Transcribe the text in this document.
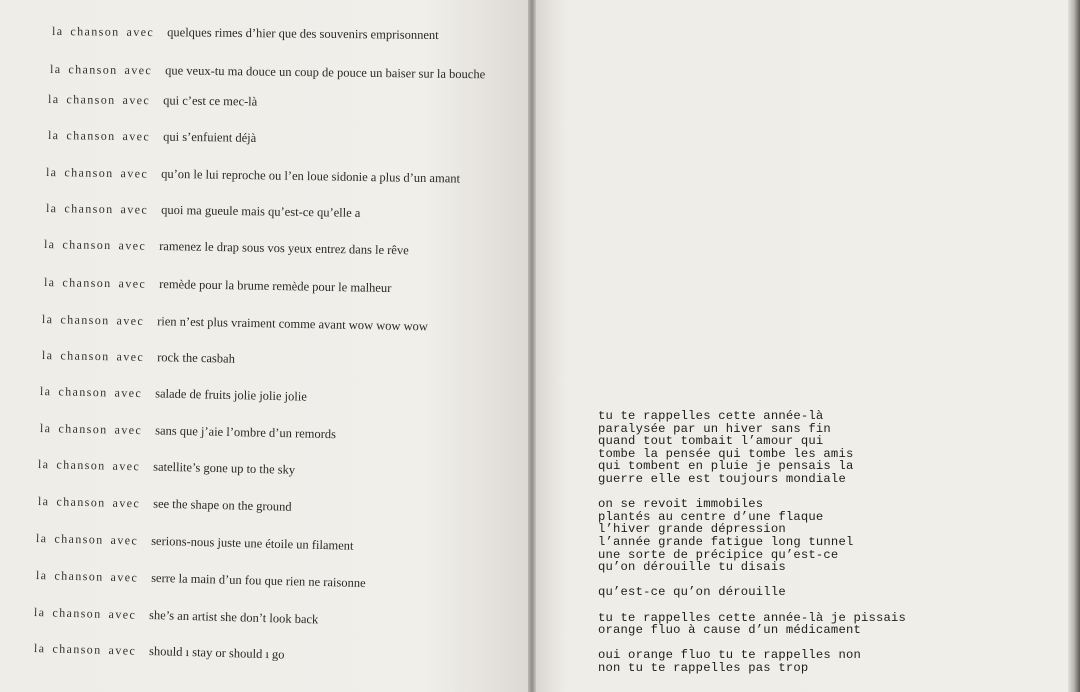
la chanson avec quelques rimes d’hier que des souvenirs emprisonnent
la chanson avec que veux-tu ma douce un coup de pouce un baiser sur la bouche
la chanson avec qui c’est ce mec-là
la chanson avec qui s’enfuient déjà
la chanson avec qu’on le lui reproche ou l’en loue sidonie a plus d’un amant
la chanson avec quoi ma gueule mais qu’est-ce qu’elle a
la chanson avec ramenez le drap sous vos yeux entrez dans le rêve
la chanson avec remède pour la brume remède pour le malheur
la chanson avec rien n’est plus vraiment comme avant wow wow wow
la chanson avec rock the casbah
la chanson avec salade de fruits jolie jolie jolie
la chanson avec sans que j’aie l’ombre d’un remords
la chanson avec satellite’s gone up to the sky
la chanson avec see the shape on the ground
la chanson avec serions-nous juste une étoile un filament
la chanson avec serre la main d’un fou que rien ne raisonne
la chanson avec she’s an artist she don’t look back
la chanson avec should ı stay or should ı go
tu te rappelles cette année-là
paralysée par un hiver sans fin
quand tout tombait l’amour qui
tombe la pensée qui tombe les amis
qui tombent en pluie je pensais la
guerre elle est toujours mondiale
on se revoit immobiles
plantés au centre d’une flaque
l’hiver grande dépression
l’année grande fatigue long tunnel
une sorte de précipice qu’est-ce
qu’on dérouille tu disais
qu’est-ce qu’on dérouille
tu te rappelles cette année-là je pissais
orange fluo à cause d’un médicament
oui orange fluo tu te rappelles non
non tu te rappelles pas trop
